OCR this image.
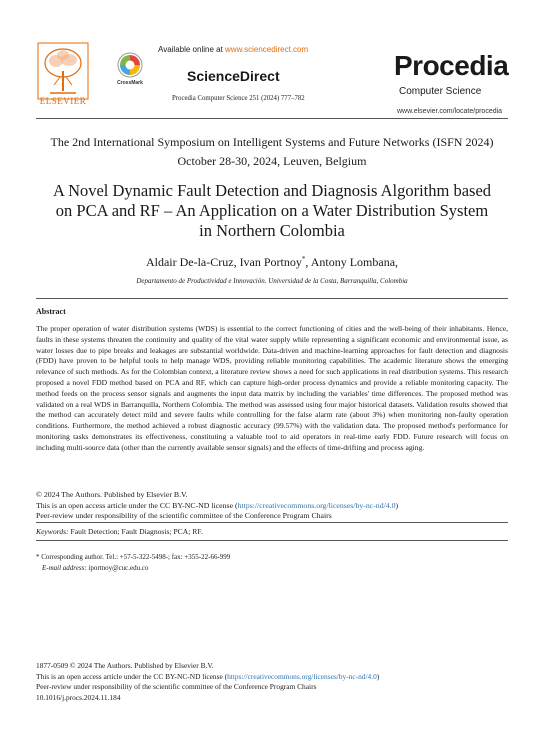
ELSEVIER
Available online at www.sciencedirect.com
CrossMark	ScienceDirect
Procedia Computer Science 251 (2024) 777–782
Procedia
Computer Science
www.elsevier.com/locate/procedia
The 2nd International Symposium on Intelligent Systems and Future Networks (ISFN 2024)
October 28-30, 2024, Leuven, Belgium
A Novel Dynamic Fault Detection and Diagnosis Algorithm based on PCA and RF – An Application on a Water Distribution System in Northern Colombia
Aldair De-la-Cruz, Ivan Portnoy*, Antony Lombana,
Departamento de Productividad e Innovación. Universidad de la Costa, Barranquilla, Colombia
Abstract
The proper operation of water distribution systems (WDS) is essential to the correct functioning of cities and the well-being of their inhabitants. Hence, faults in these systems threaten the continuity and quality of the vital water supply while representing a significant economic and environmental issue, as water losses due to pipe breaks and leakages are substantial worldwide. Data-driven and machine-learning approaches for fault detection and diagnosis (FDD) have proven to be helpful tools to help manage WDS, providing reliable monitoring capabilities. The academic literature shows the emerging relevance of such methods. As for the Colombian context, a literature review shows a need for such applications in real distribution systems. This research proposed a novel FDD method based on PCA and RF, which can capture high-order process dynamics and provide a reliable monitoring capacity. The method feeds on the process sensor signals and augments the input data matrix by including the variables' time differences. The proposed method was validated on a real WDS in Barranquilla, Northern Colombia. The method was assessed using four major historical datasets. Validation results showed that the method can accurately detect mild and severe faults while controlling for the false alarm rate (about 3%) when monitoring non-faulty operation conditions. Furthermore, the method achieved a robust diagnostic accuracy (99.57%) with the validation data. The proposed method's performance for monitoring tasks demonstrates its effectiveness, constituting a valuable tool to aid operators in real-time early FDD. Future research will focus on including multi-source data (other than the currently available sensor signals) and the effects of time-drifting and process aging.
© 2024 The Authors. Published by Elsevier B.V.
This is an open access article under the CC BY-NC-ND license (https://creativecommons.org/licenses/by-nc-nd/4.0)
Peer-review under responsibility of the scientific committee of the Conference Program Chairs
Keywords: Fault Detection; Fault Diagnosis; PCA; RF.
* Corresponding author. Tel.: +57-5-322-5498-; fax: +355-22-66-999
E-mail address: iportnoy@cuc.edu.co
1877-0509 © 2024 The Authors. Published by Elsevier B.V.
This is an open access article under the CC BY-NC-ND license (https://creativecommons.org/licenses/by-nc-nd/4.0)
Peer-review under responsibility of the scientific committee of the Conference Program Chairs
10.1016/j.procs.2024.11.184
